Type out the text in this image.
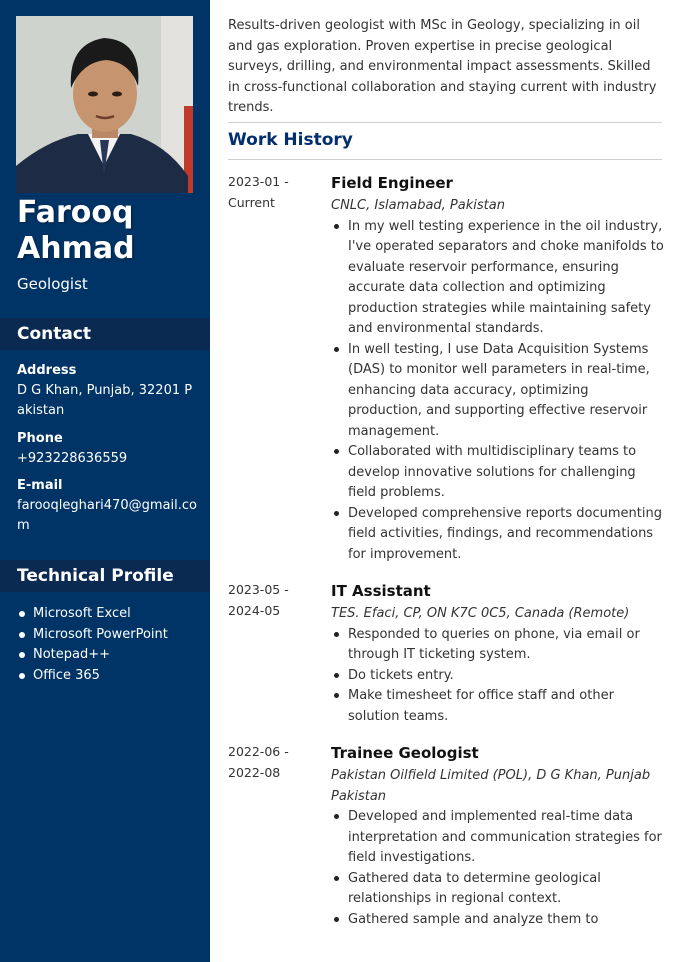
Farooq
Ahmad
Geologist
Contact
Address
D G Khan, Punjab, 32201 Pakistan
Phone
+923228636559
E-mail
farooqleghari470@gmail.com
Technical Profile
Microsoft Excel
Microsoft PowerPoint
Notepad++
Office 365
Results-driven geologist with MSc in Geology, specializing in oil and gas exploration. Proven expertise in precise geological surveys, drilling, and environmental impact assessments. Skilled in cross-functional collaboration and staying current with industry trends.
Work History
2023-01 - Current
Field Engineer
CNLC, Islamabad, Pakistan
In my well testing experience in the oil industry, I've operated separators and choke manifolds to evaluate reservoir performance, ensuring accurate data collection and optimizing production strategies while maintaining safety and environmental standards.
In well testing, I use Data Acquisition Systems (DAS) to monitor well parameters in real-time, enhancing data accuracy, optimizing production, and supporting effective reservoir management.
Collaborated with multidisciplinary teams to develop innovative solutions for challenging field problems.
Developed comprehensive reports documenting field activities, findings, and recommendations for improvement.
2023-05 - 2024-05
IT Assistant
TES. Efaci, CP, ON K7C 0C5, Canada (Remote)
Responded to queries on phone, via email or through IT ticketing system.
Do tickets entry.
Make timesheet for office staff and other solution teams.
2022-06 - 2022-08
Trainee Geologist
Pakistan Oilfield Limited (POL), D G Khan, Punjab Pakistan
Developed and implemented real-time data interpretation and communication strategies for field investigations.
Gathered data to determine geological relationships in regional context.
Gathered sample and analyze them to
